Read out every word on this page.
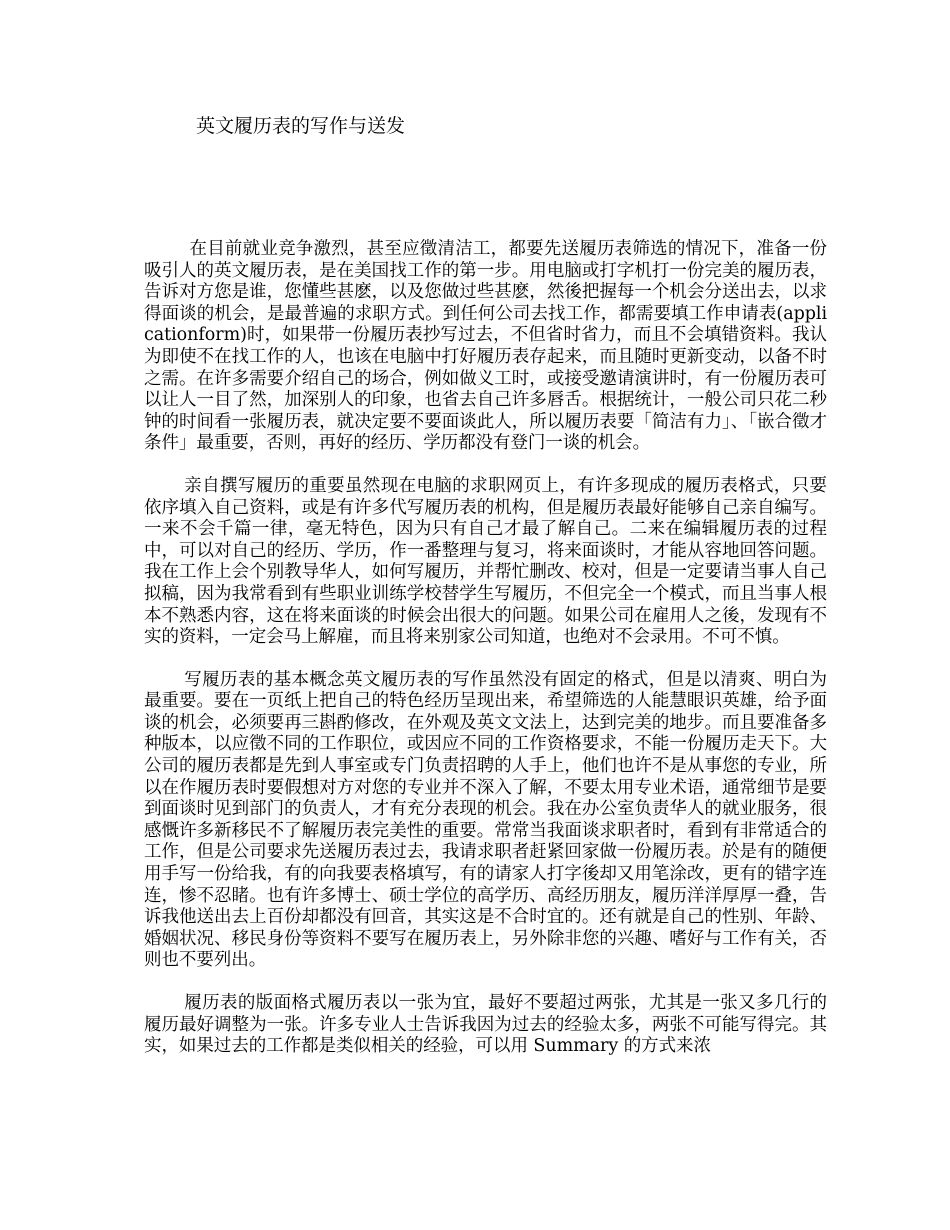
英文履历表的写作与送发

在目前就业竞争激烈，甚至应徵清洁工，都要先送履历表筛选的情况下，准备一份吸引人的英文履历表，是在美国找工作的第一步。用电脑或打字机打一份完美的履历表，告诉对方您是谁，您懂些甚麽，以及您做过些甚麽，然後把握每一个机会分送出去，以求得面谈的机会，是最普遍的求职方式。到任何公司去找工作，都需要填工作申请表(applicationform)时，如果带一份履历表抄写过去，不但省时省力，而且不会填错资料。我认为即使不在找工作的人，也该在电脑中打好履历表存起来，而且随时更新变动，以备不时之需。在许多需要介绍自己的场合，例如做义工时，或接受邀请演讲时，有一份履历表可以让人一目了然，加深别人的印象，也省去自己许多唇舌。根据统计，一般公司只花二秒钟的时间看一张履历表，就决定要不要面谈此人，所以履历表要「简洁有力」、「嵌合徵才条件」最重要，否则，再好的经历、学历都没有登门一谈的机会。

亲自撰写履历的重要虽然现在电脑的求职网页上，有许多现成的履历表格式，只要依序填入自己资料，或是有许多代写履历表的机构，但是履历表最好能够自己亲自编写。一来不会千篇一律，毫无特色，因为只有自己才最了解自己。二来在编辑履历表的过程中，可以对自己的经历、学历，作一番整理与复习，将来面谈时，才能从容地回答问题。我在工作上会个别教导华人，如何写履历，并帮忙删改、校对，但是一定要请当事人自己拟稿，因为我常看到有些职业训练学校替学生写履历，不但完全一个模式，而且当事人根本不熟悉内容，这在将来面谈的时候会出很大的问题。如果公司在雇用人之後，发现有不实的资料，一定会马上解雇，而且将来别家公司知道，也绝对不会录用。不可不慎。

写履历表的基本概念英文履历表的写作虽然没有固定的格式，但是以清爽、明白为最重要。要在一页纸上把自己的特色经历呈现出来，希望筛选的人能慧眼识英雄，给予面谈的机会，必须要再三斟酌修改，在外观及英文文法上，达到完美的地步。而且要准备多种版本，以应徵不同的工作职位，或因应不同的工作资格要求，不能一份履历走天下。大公司的履历表都是先到人事室或专门负责招聘的人手上，他们也许不是从事您的专业，所以在作履历表时要假想对方对您的专业并不深入了解，不要太用专业术语，通常细节是要到面谈时见到部门的负责人，才有充分表现的机会。我在办公室负责华人的就业服务，很感慨许多新移民不了解履历表完美性的重要。常常当我面谈求职者时，看到有非常适合的工作，但是公司要求先送履历表过去，我请求职者赶紧回家做一份履历表。於是有的随便用手写一份给我，有的向我要表格填写，有的请家人打字後却又用笔涂改，更有的错字连连，惨不忍睹。也有许多博士、硕士学位的高学历、高经历朋友，履历洋洋厚厚一叠，告诉我他送出去上百份却都没有回音，其实这是不合时宜的。还有就是自己的性别、年龄、婚姻状况、移民身份等资料不要写在履历表上，另外除非您的兴趣、嗜好与工作有关，否则也不要列出。

履历表的版面格式履历表以一张为宜，最好不要超过两张，尤其是一张又多几行的履历最好调整为一张。许多专业人士告诉我因为过去的经验太多，两张不可能写得完。其实，如果过去的工作都是类似相关的经验，可以用 Summary 的方式来浓
